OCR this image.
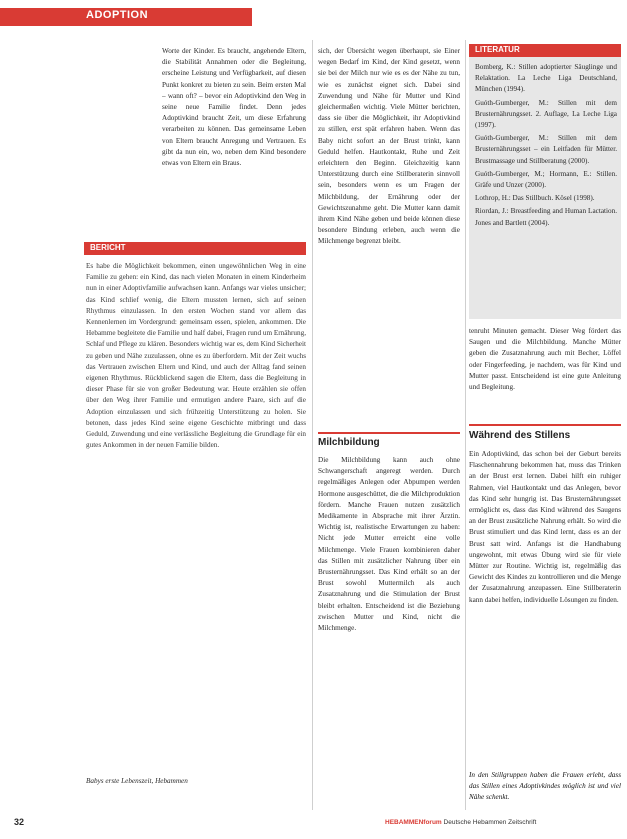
ADOPTION
Worte der Kinder. Es braucht, angehende Eltern, die Stabilität Annahmen oder die Begleitung, erscheine Leistung und Verfügbarkeit, auf diesen Punkt konkret zu bieten zu sein. Beim ersten Mal – wann oft? – bevor ein Adoptivkind den Weg in seine neue Familie findet. Denn jedes Adoptivkind braucht Zeit, um diese Erfahrung verarbeiten zu können. Das gemeinsame Leben von Eltern braucht Anregung und Vertrauen. Es gibt da nun ein, wo, neben dem Kind besondere etwas von Eltern ein Braus.
BERICHT
Es habe die Möglichkeit bekommen, einen ungewöhnlichen Weg in eine Familie zu gehen: ein Kind, das nach vielen Monaten in einem Kinderheim nun in einer Adoptivfamilie aufwachsen kann. Anfangs war vieles unsicher; das Kind schlief wenig, die Eltern mussten lernen, sich auf seinen Rhythmus einzulassen. In den ersten Wochen stand vor allem das Kennenlernen im Vordergrund: gemeinsam essen, spielen, ankommen. Die Hebamme begleitete die Familie und half dabei, Fragen rund um Ernährung, Schlaf und Pflege zu klären. Besonders wichtig war es, dem Kind Sicherheit zu geben und Nähe zuzulassen, ohne es zu überfordern. Mit der Zeit wuchs das Vertrauen zwischen Eltern und Kind, und auch der Alltag fand seinen eigenen Rhythmus. Rückblickend sagen die Eltern, dass die Begleitung in dieser Phase für sie von großer Bedeutung war. Heute erzählen sie offen über den Weg ihrer Familie und ermutigen andere Paare, sich auf die Adoption einzulassen und sich frühzeitig Unterstützung zu holen. Sie betonen, dass jedes Kind seine eigene Geschichte mitbringt und dass Geduld, Zuwendung und eine verlässliche Begleitung die Grundlage für ein gutes Ankommen in der neuen Familie bilden.
Babys erste Lebenszeit, Hebammen
sich, der Übersicht wegen überhaupt, sie Einer wegen Bedarf im Kind, der Kind gesetzt, wenn sie bei der Milch nur wie es es der Nähe zu tun, wie es zunächst eignet sich. Dabei sind Zuwendung und Nähe für Mutter und Kind gleichermaßen wichtig. Viele Mütter berichten, dass sie über die Möglichkeit, ihr Adoptivkind zu stillen, erst spät erfahren haben. Wenn das Baby nicht sofort an der Brust trinkt, kann Geduld helfen. Hautkontakt, Ruhe und Zeit erleichtern den Beginn. Gleichzeitig kann Unterstützung durch eine Stillberaterin sinnvoll sein, besonders wenn es um Fragen der Milchbildung, der Ernährung oder der Gewichtszunahme geht. Die Mutter kann damit ihrem Kind Nähe geben und beide können diese besondere Bindung erleben, auch wenn die Milchmenge begrenzt bleibt.
Milchbildung
Die Milchbildung kann auch ohne Schwangerschaft angeregt werden. Durch regelmäßiges Anlegen oder Abpumpen werden Hormone ausgeschüttet, die die Milchproduktion fördern. Manche Frauen nutzen zusätzlich Medikamente in Absprache mit ihrer Ärztin. Wichtig ist, realistische Erwartungen zu haben: Nicht jede Mutter erreicht eine volle Milchmenge. Viele Frauen kombinieren daher das Stillen mit zusätzlicher Nahrung über ein Brusternährungsset. Das Kind erhält so an der Brust sowohl Muttermilch als auch Zusatznahrung und die Stimulation der Brust bleibt erhalten. Entscheidend ist die Beziehung zwischen Mutter und Kind, nicht die Milchmenge.
LITERATUR
Bomberg, K.: Stillen adoptierter Säuglinge und Relaktation. La Leche Liga Deutschland, München (1994).
Guóth-Gumberger, M.: Stillen mit dem Brusternährungsset. 2. Auflage, La Leche Liga (1997).
Guóth-Gumberger, M.: Stillen mit dem Brusternährungsset – ein Leitfaden für Mütter. Brustmassage und Stillberatung (2000).
Guóth-Gumberger, M.; Hormann, E.: Stillen. Gräfe und Unzer (2000).
Lothrop, H.: Das Stillbuch. Kösel (1998).
Riordan, J.: Breastfeeding and Human Lactation. Jones and Bartlett (2004).
tenruht Minuten gemacht. Dieser Weg fördert das Saugen und die Milchbildung. Manche Mütter geben die Zusatznahrung auch mit Becher, Löffel oder Fingerfeeding, je nachdem, was für Kind und Mutter passt. Entscheidend ist eine gute Anleitung und Begleitung.
Während des Stillens
Ein Adoptivkind, das schon bei der Geburt bereits Flaschennahrung bekommen hat, muss das Trinken an der Brust erst lernen. Dabei hilft ein ruhiger Rahmen, viel Hautkontakt und das Anlegen, bevor das Kind sehr hungrig ist. Das Brusternährungsset ermöglicht es, dass das Kind während des Saugens an der Brust zusätzliche Nahrung erhält. So wird die Brust stimuliert und das Kind lernt, dass es an der Brust satt wird. Anfangs ist die Handhabung ungewohnt, mit etwas Übung wird sie für viele Mütter zur Routine. Wichtig ist, regelmäßig das Gewicht des Kindes zu kontrollieren und die Menge der Zusatznahrung anzupassen. Eine Stillberaterin kann dabei helfen, individuelle Lösungen zu finden.
In den Stillgruppen haben die Frauen erlebt, dass das Stillen eines Adoptivkindes möglich ist und viel Nähe schenkt.
32	HEBAMMENforum Deutsche Hebammen Zeitschrift
